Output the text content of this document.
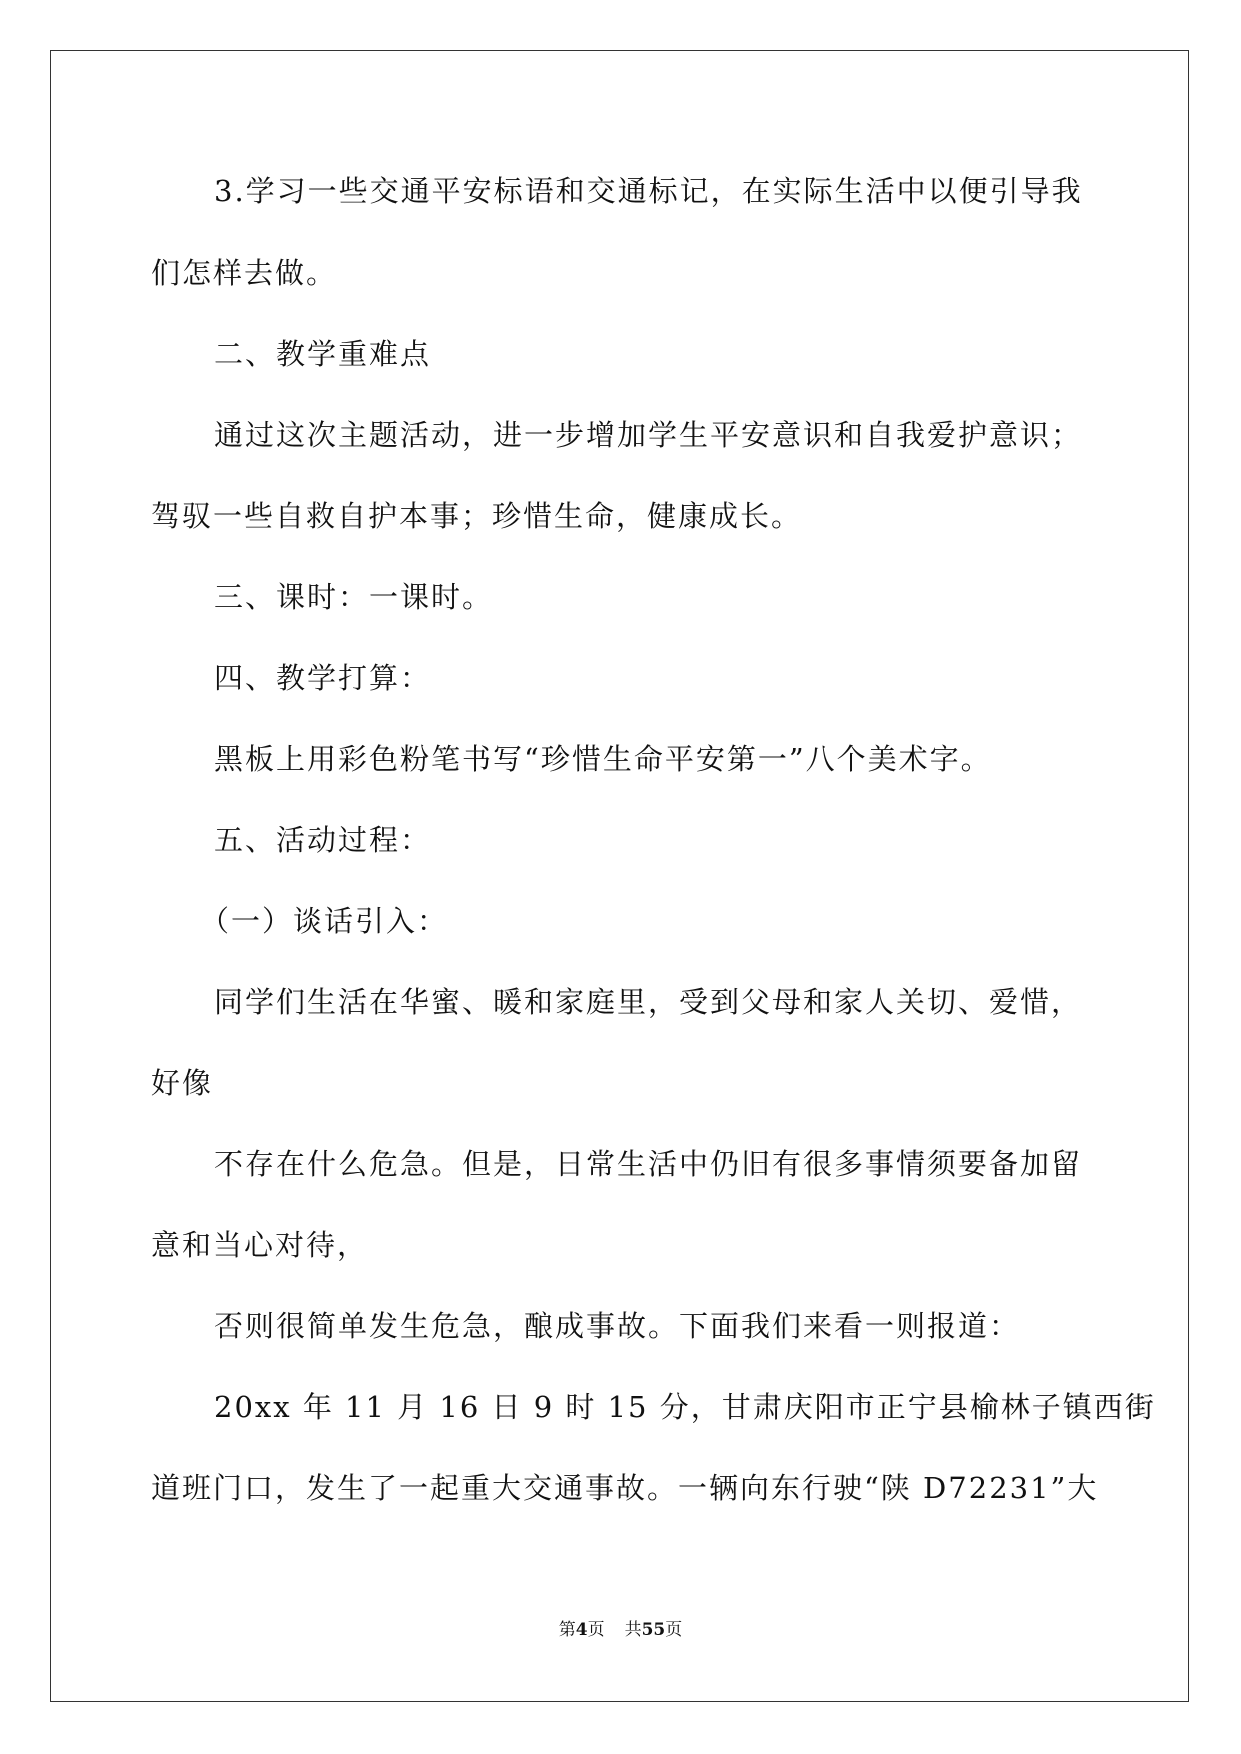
3.学习一些交通平安标语和交通标记，在实际生活中以便引导我

们怎样去做。

二、教学重难点

通过这次主题活动，进一步增加学生平安意识和自我爱护意识；

驾驭一些自救自护本事；珍惜生命，健康成长。

三、课时：一课时。

四、教学打算：

黑板上用彩色粉笔书写“珍惜生命平安第一”八个美术字。

五、活动过程：

（一）谈话引入：

同学们生活在华蜜、暖和家庭里，受到父母和家人关切、爱惜，

好像

不存在什么危急。但是，日常生活中仍旧有很多事情须要备加留

意和当心对待，

否则很简单发生危急，酿成事故。下面我们来看一则报道：

20xx 年 11 月 16 日 9 时 15 分，甘肃庆阳市正宁县榆林子镇西街

道班门口，发生了一起重大交通事故。一辆向东行驶“陕 D72231”大

第4页 共55页
